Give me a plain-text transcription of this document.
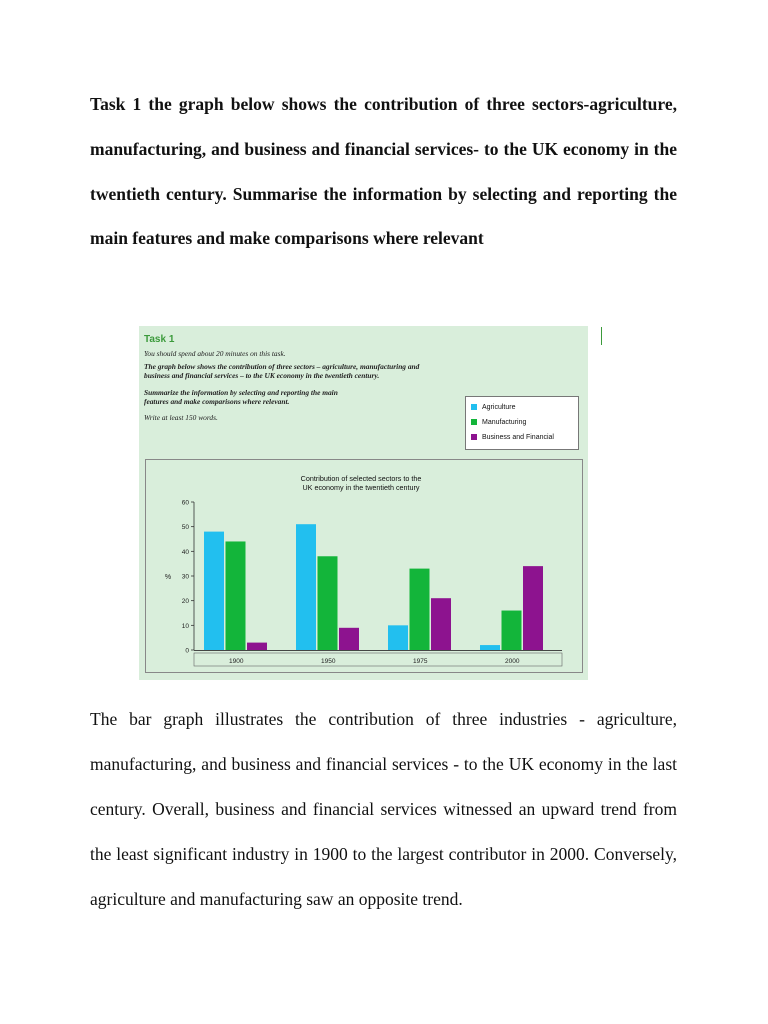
Task 1 the graph below shows the contribution of three sectors-agriculture, manufacturing, and business and financial services- to the UK economy in the twentieth century. Summarise the information by selecting and reporting the main features and make comparisons where relevant

Task 1

You should spend about 20 minutes on this task.

The graph below shows the contribution of three sectors – agriculture, manufacturing and

business and financial services – to the UK economy in the twentieth century.

Summarize the information by selecting and reporting the main

features and make comparisons where relevant.

Write at least 150 words.

Agriculture
Manufacturing
Business and Financial
Contribution of selected sectors to the
UK economy in the twentieth century
0
10
20
30
40
50
60
%
1900	1950	1975	2000

The bar graph illustrates the contribution of three industries - agriculture, manufacturing, and business and financial services - to the UK economy in the last century. Overall, business and financial services witnessed an upward trend from the least significant industry in 1900 to the largest contributor in 2000. Conversely, agriculture and manufacturing saw an opposite trend.
